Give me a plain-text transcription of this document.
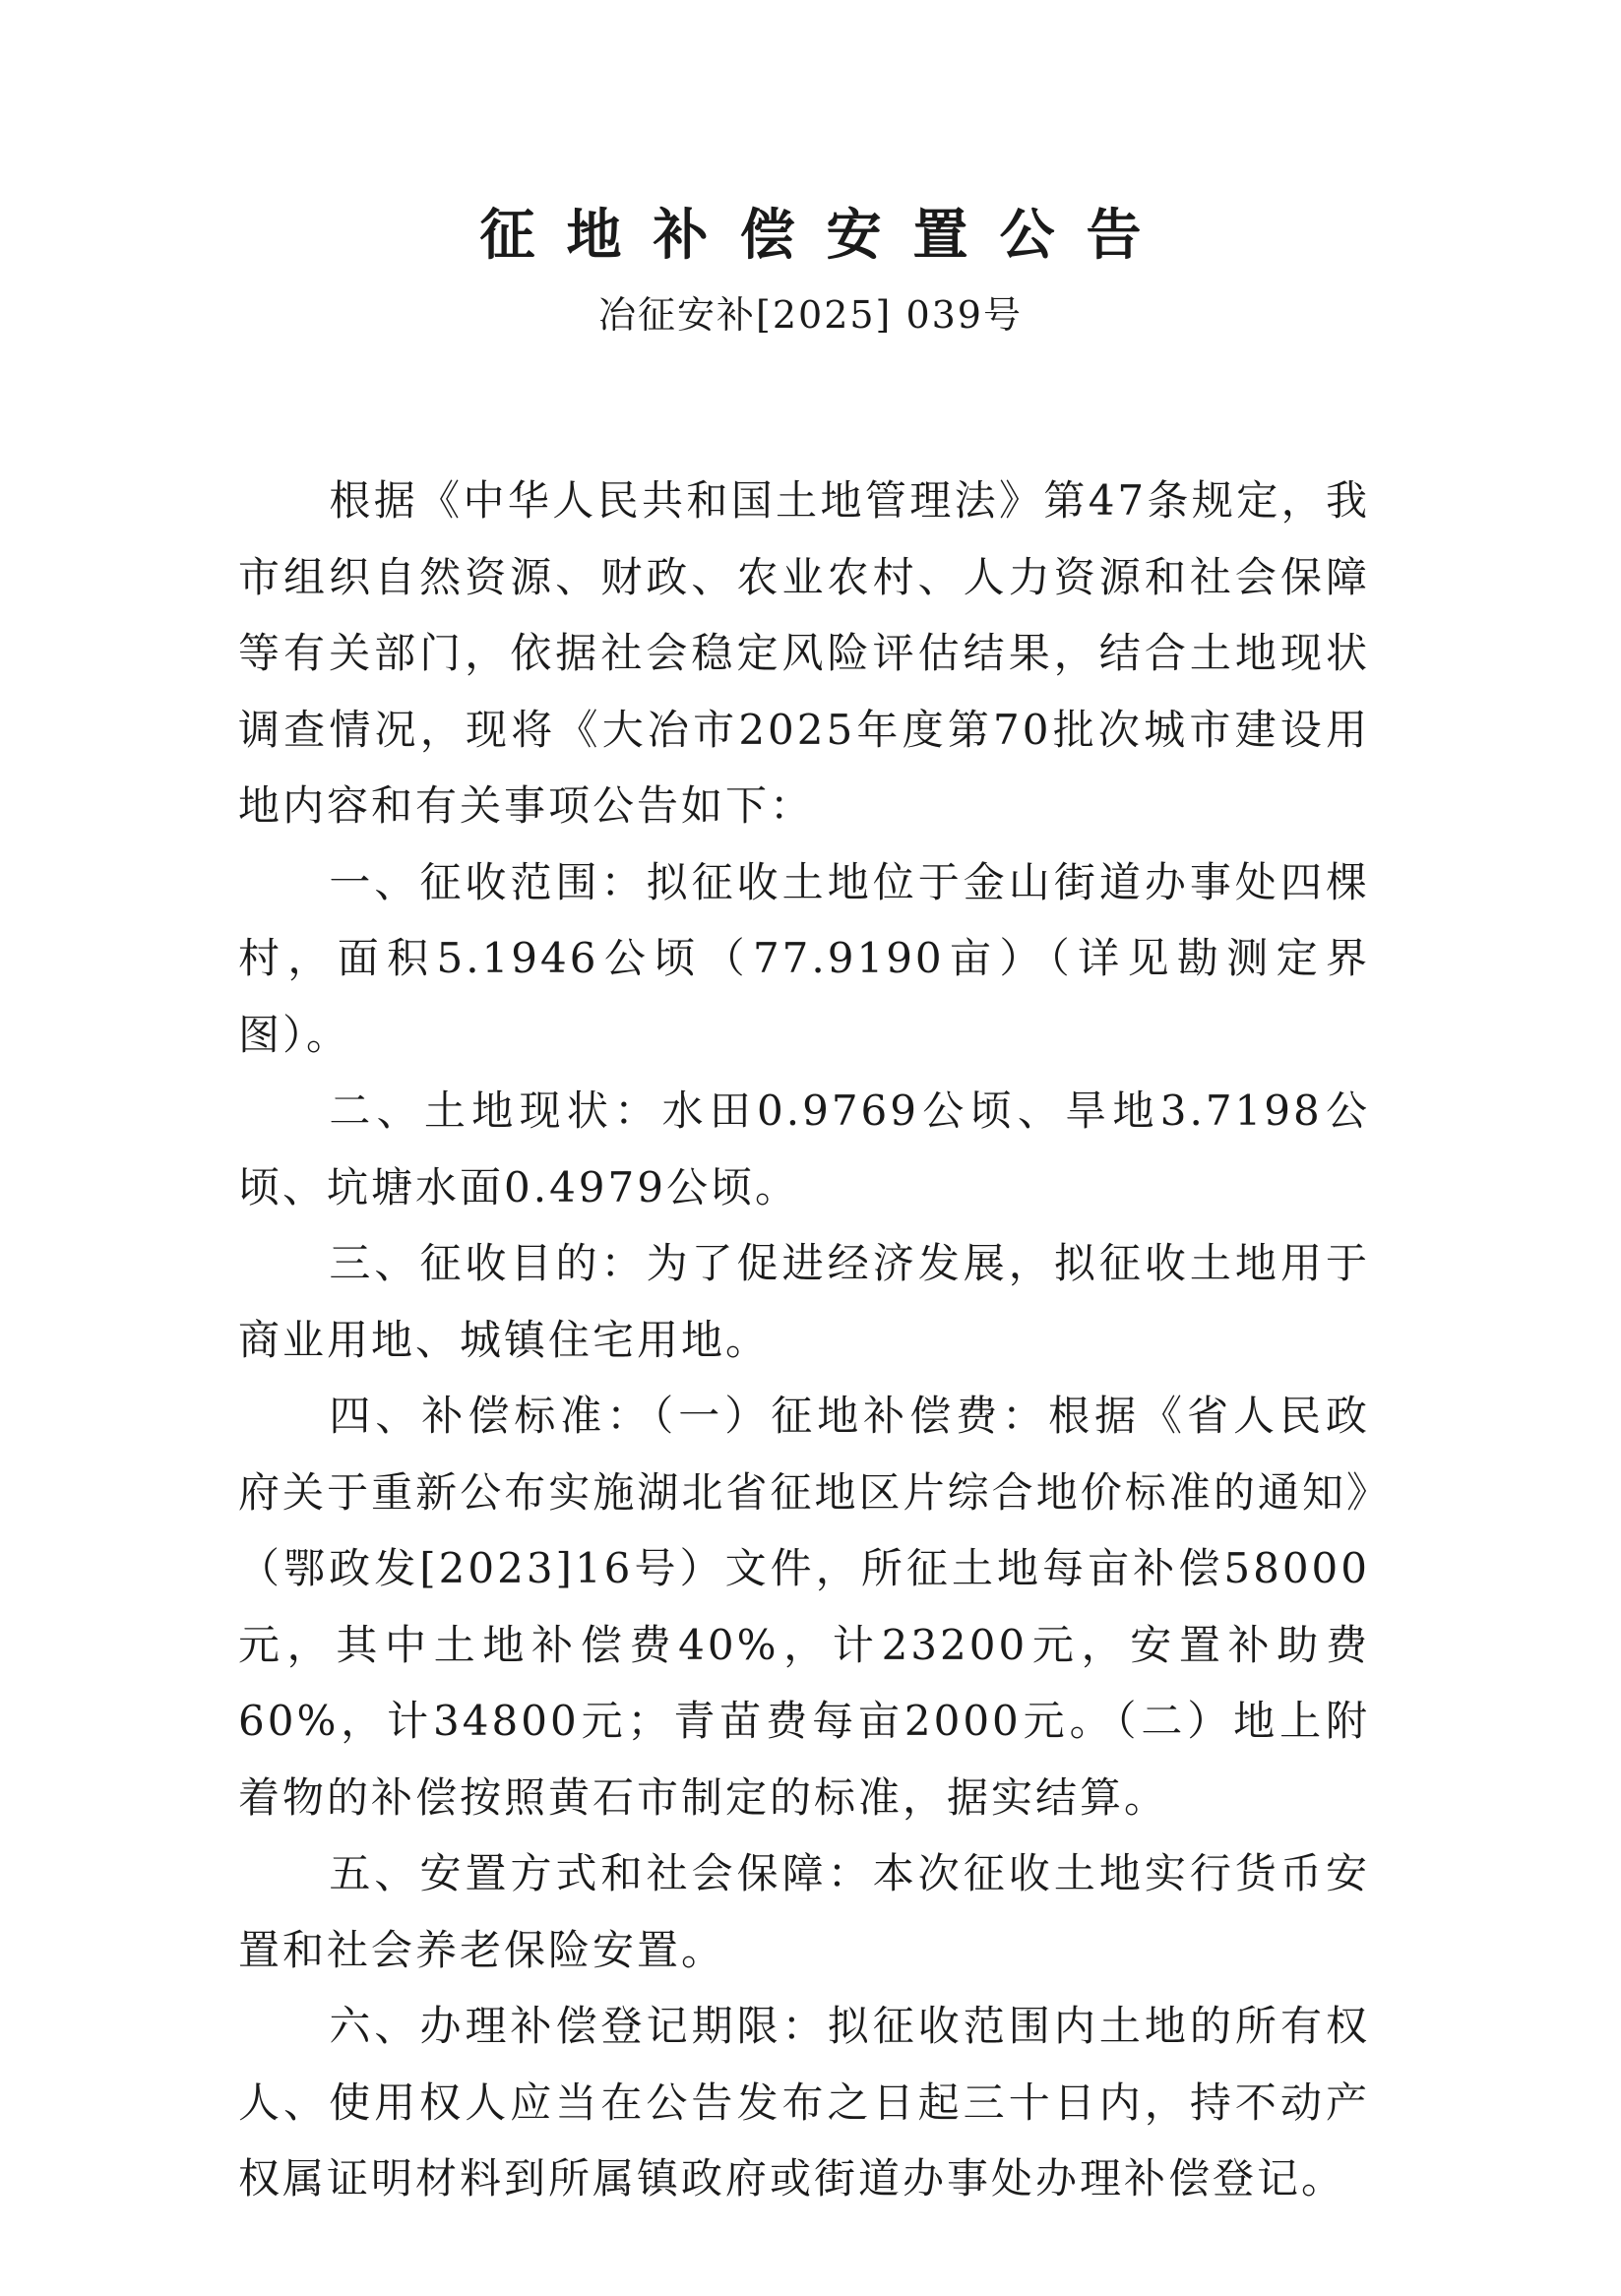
征地补偿安置公告
冶征安补[2025] 039号

根据《中华人民共和国土地管理法》第47条规定，我市组织自然资源、财政、农业农村、人力资源和社会保障等有关部门，依据社会稳定风险评估结果，结合土地现状调查情况，现将《大冶市2025年度第70批次城市建设用地内容和有关事项公告如下：

一、征收范围：拟征收土地位于金山街道办事处四棵村，面积5.1946公顷（77.9190亩）（详见勘测定界图）。

二、土地现状：水田0.9769公顷、旱地3.7198公顷、坑塘水面0.4979公顷。

三、征收目的：为了促进经济发展，拟征收土地用于商业用地、城镇住宅用地。

四、补偿标准：（一）征地补偿费：根据《省人民政府关于重新公布实施湖北省征地区片综合地价标准的通知》（鄂政发[2023]16号）文件，所征土地每亩补偿58000元，其中土地补偿费40%，计23200元，安置补助费60%，计34800元；青苗费每亩2000元。（二）地上附着物的补偿按照黄石市制定的标准，据实结算。

五、安置方式和社会保障：本次征收土地实行货币安置和社会养老保险安置。

六、办理补偿登记期限：拟征收范围内土地的所有权人、使用权人应当在公告发布之日起三十日内，持不动产权属证明材料到所属镇政府或街道办事处办理补偿登记。
